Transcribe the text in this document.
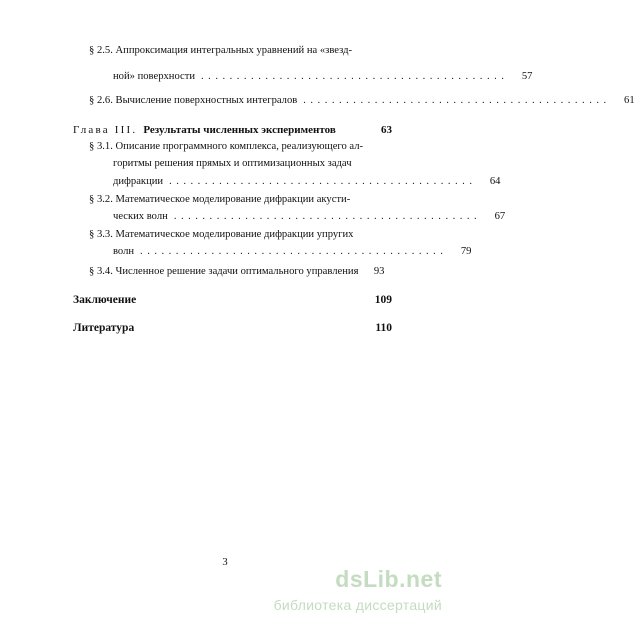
§ 2.5. Аппроксимация интегральных уравнений на «звезд-
ной» поверхности ...........................................	57
§ 2.6. Вычисление поверхностных интегралов ...........................................	61
Глава III. Результаты численных экспериментов	63
§ 3.1. Описание программного комплекса, реализующего ал-
горитмы решения прямых и оптимизационных задач
дифракции ...........................................	64
§ 3.2. Математическое моделирование дифракции акусти-
ческих волн ...........................................	67
§ 3.3. Математическое моделирование дифракции упругих
волн ...........................................	79
§ 3.4. Численное решение задачи оптимального управления	93
Заключение	109
Литература	110
3
dsLib.net
библиотека диссертаций
